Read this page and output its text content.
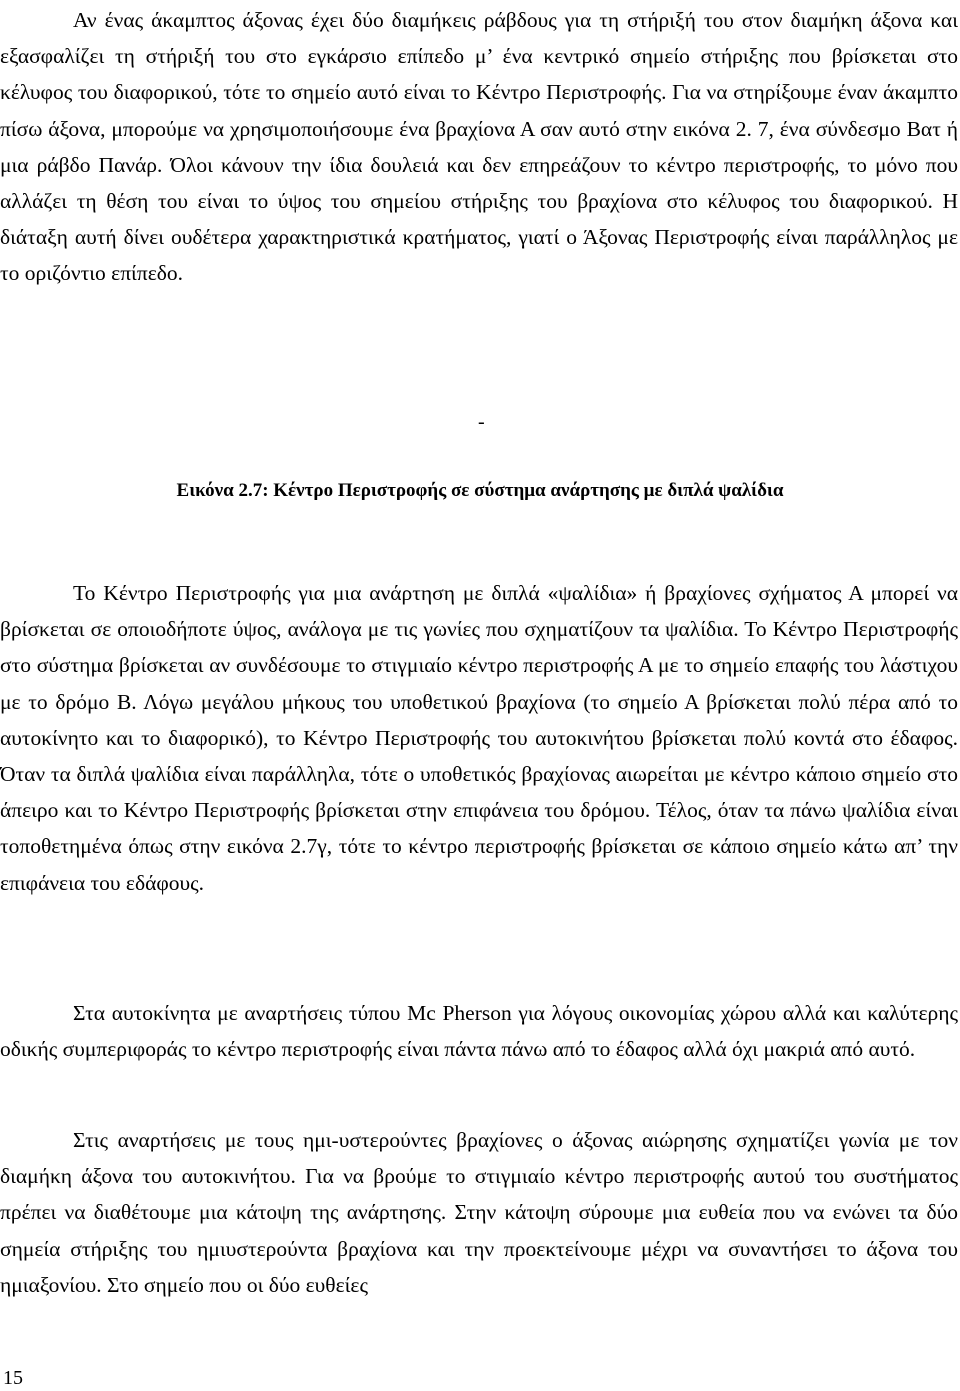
Αν ένας άκαμπτος άξονας έχει δύο διαμήκεις ράβδους για τη στήριξή του στον διαμήκη άξονα και εξασφαλίζει τη στήριξή του στο εγκάρσιο επίπεδο μ’ ένα κεντρικό σημείο στήριξης που βρίσκεται στο κέλυφος του διαφορικού, τότε το σημείο αυτό είναι το Κέντρο Περιστροφής. Για να στηρίξουμε έναν άκαμπτο πίσω άξονα, μπορούμε να χρησιμοποιήσουμε ένα βραχίονα Α σαν αυτό στην εικόνα 2. 7, ένα σύνδεσμο Βατ ή μια ράβδο Πανάρ. Όλοι κάνουν την ίδια δουλειά και δεν επηρεάζουν το κέντρο περιστροφής, το μόνο που αλλάζει τη θέση του είναι το ύψος του σημείου στήριξης του βραχίονα στο κέλυφος του διαφορικού. Η διάταξη αυτή δίνει ουδέτερα χαρακτηριστικά κρατήματος, γιατί ο Άξονας Περιστροφής είναι παράλληλος με το οριζόντιο επίπεδο.

-

Εικόνα 2.7: Κέντρο Περιστροφής σε σύστημα ανάρτησης με διπλά ψαλίδια

Το Κέντρο Περιστροφής για μια ανάρτηση με διπλά «ψαλίδια» ή βραχίονες σχήματος Α μπορεί να βρίσκεται σε οποιοδήποτε ύψος, ανάλογα με τις γωνίες που σχηματίζουν τα ψαλίδια. Το Κέντρο Περιστροφής στο σύστημα βρίσκεται αν συνδέσουμε το στιγμιαίο κέντρο περιστροφής Α με το σημείο επαφής του λάστιχου με το δρόμο Β. Λόγω μεγάλου μήκους του υποθετικού βραχίονα (το σημείο Α βρίσκεται πολύ πέρα από το αυτοκίνητο και το διαφορικό), το Κέντρο Περιστροφής του αυτοκινήτου βρίσκεται πολύ κοντά στο έδαφος. Όταν τα διπλά ψαλίδια είναι παράλληλα, τότε ο υποθετικός βραχίονας αιωρείται με κέντρο κάποιο σημείο στο άπειρο και το Κέντρο Περιστροφής βρίσκεται στην επιφάνεια του δρόμου. Τέλος, όταν τα πάνω ψαλίδια είναι τοποθετημένα όπως στην εικόνα 2.7γ, τότε το κέντρο περιστροφής βρίσκεται σε κάποιο σημείο κάτω απ’ την επιφάνεια του εδάφους.

Στα αυτοκίνητα με αναρτήσεις τύπου Mc Pherson για λόγους οικονομίας χώρου αλλά και καλύτερης οδικής συμπεριφοράς το κέντρο περιστροφής είναι πάντα πάνω από το έδαφος αλλά όχι μακριά από αυτό.

Στις αναρτήσεις με τους ημι-υστερούντες βραχίονες ο άξονας αιώρησης σχηματίζει γωνία με τον διαμήκη άξονα του αυτοκινήτου. Για να βρούμε το στιγμιαίο κέντρο περιστροφής αυτού του συστήματος πρέπει να διαθέτουμε μια κάτοψη της ανάρτησης. Στην κάτοψη σύρουμε μια ευθεία που να ενώνει τα δύο σημεία στήριξης του ημιυστερούντα βραχίονα και την προεκτείνουμε μέχρι να συναντήσει το άξονα του ημιαξονίου. Στο σημείο που οι δύο ευθείες

15
